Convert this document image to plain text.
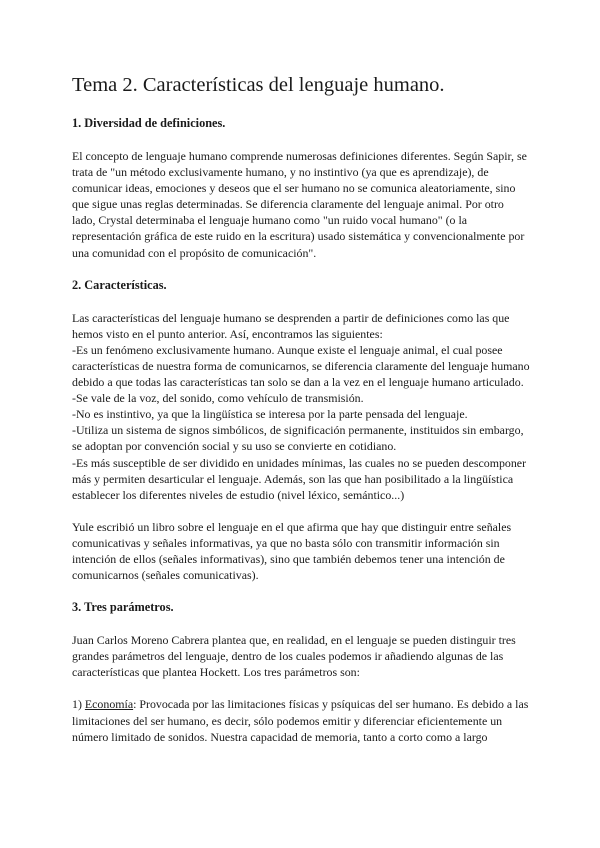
Tema 2. Características del lenguaje humano.
1. Diversidad de definiciones.

El concepto de lenguaje humano comprende numerosas definiciones diferentes. Según Sapir, se trata de "un método exclusivamente humano, y no instintivo (ya que es aprendizaje), de comunicar ideas, emociones y deseos que el ser humano no se comunica aleatoriamente, sino que sigue unas reglas determinadas. Se diferencia claramente del lenguaje animal. Por otro lado, Crystal determinaba el lenguaje humano como "un ruido vocal humano" (o la representación gráfica de este ruido en la escritura) usado sistemática y convencionalmente por una comunidad con el propósito de comunicación".

2. Características.
Las características del lenguaje humano se desprenden a partir de definiciones como las que hemos visto en el punto anterior. Así, encontramos las siguientes:
-Es un fenómeno exclusivamente humano. Aunque existe el lenguaje animal, el cual posee características de nuestra forma de comunicarnos, se diferencia claramente del lenguaje humano debido a que todas las características tan solo se dan a la vez en el lenguaje humano articulado.
-Se vale de la voz, del sonido, como vehículo de transmisión.
-No es instintivo, ya que la lingüística se interesa por la parte pensada del lenguaje.
-Utiliza un sistema de signos simbólicos, de significación permanente, instituidos sin embargo, se adoptan por convención social y su uso se convierte en cotidiano.
-Es más susceptible de ser dividido en unidades mínimas, las cuales no se pueden descomponer más y permiten desarticular el lenguaje. Además, son las que han posibilitado a la lingüística establecer los diferentes niveles de estudio (nivel léxico, semántico...)

Yule escribió un libro sobre el lenguaje en el que afirma que hay que distinguir entre señales comunicativas y señales informativas, ya que no basta sólo con transmitir información sin intención de ellos (señales informativas), sino que también debemos tener una intención de comunicarnos (señales comunicativas).

3. Tres parámetros.

Juan Carlos Moreno Cabrera plantea que, en realidad, en el lenguaje se pueden distinguir tres grandes parámetros del lenguaje, dentro de los cuales podemos ir añadiendo algunas de las características que plantea Hockett. Los tres parámetros son:

1) Economía: Provocada por las limitaciones físicas y psíquicas del ser humano. Es debido a las limitaciones del ser humano, es decir, sólo podemos emitir y diferenciar eficientemente un número limitado de sonidos. Nuestra capacidad de memoria, tanto a corto como a largo
